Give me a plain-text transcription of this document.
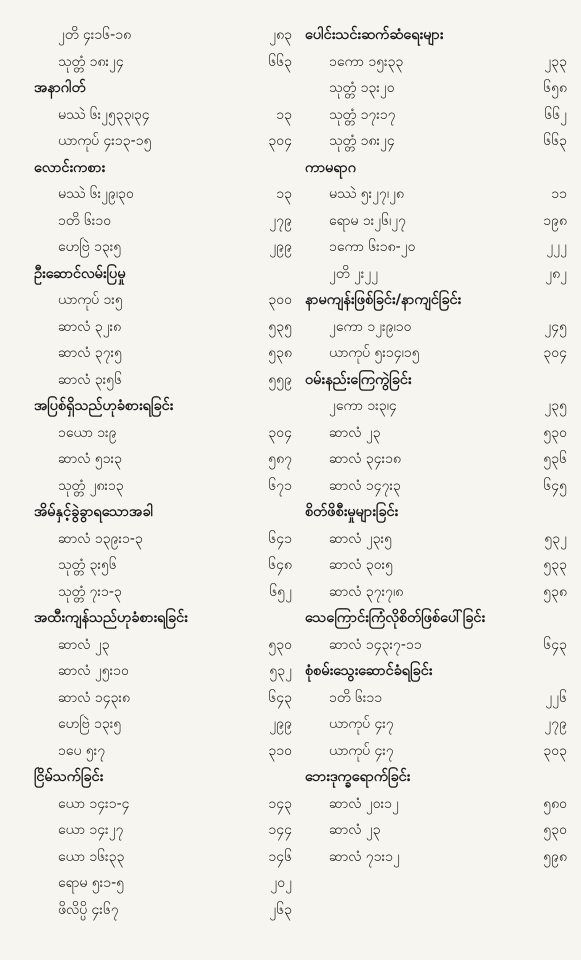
၂တိ ၄း၁၆-၁၈	၂၈၃
သုတ္တံ ၁၈း၂၄	၆၆၃
အနာဂါတ်
မဿဲ ၆း၂၅၃၃၊၃၄	၁၃
ယာကုပ် ၄း၁၃-၁၅	၃၀၄
လောင်းကစား
မဿဲ ၆း၂၉၊၃၀	၁၃
၁တိ ၆း၁၀	၂၇၉
ဟေဗြဲ ၁၃း၅	၂၉၉
ဦးဆောင်လမ်းပြမှု
ယာကုပ် ၁း၅	၃၀၀
ဆာလံ ၃၂း၈	၅၃၅
ဆာလံ ၃၇း၅	၅၃၈
ဆာလံ ၃း၅၆	၅၅၉
အပြစ်ရှိသည်ဟုခံစားရခြင်း
၁ယော ၁း၉	၃၀၄
ဆာလံ ၅၁း၃	၅၈၇
သုတ္တံ ၂၈း၁၃	၆၇၁
အိမ်နှင့်ခွဲခွာရသောအခါ
ဆာလံ ၁၃၉း၁-၃	၆၄၁
သုတ္တံ ၃း၅၆	၆၄၈
သုတ္တံ ၇း၁-၃	၆၅၂
အထီးကျန်သည်ဟုခံစားရခြင်း
ဆာလံ ၂၃	၅၃၀
ဆာလံ ၂၅း၁၀	၅၃၂
ဆာလံ ၁၄၃း၈	၆၄၃
ဟေဗြဲ ၁၃း၅	၂၉၉
၁ပေ ၅း၇	၃၁၀
ငြိမ်သက်ခြင်း
ယော ၁၄း၁-၄	၁၄၃
ယော ၁၄း၂၇	၁၄၄
ယော ၁၆း၃၃	၁၄၆
ရောမ ၅း၁-၅	၂၀၂
ဖိလိပ္ပိ ၄း၆၇	၂၆၃
ပေါင်းသင်းဆက်ဆံရေးများ
၁ကော ၁၅း၃၃	၂၃၃
သုတ္တံ ၁၃း၂၀	၆၅၈
သုတ္တံ ၁၇း၁၇	၆၆၂
သုတ္တံ ၁၈း၂၄	၆၆၃
ကာမရာဂ
မဿဲ ၅း၂၇၊၂၈	၁၁
ရောမ ၁း၂၆၊၂၇	၁၉၈
၁ကော ၆း၁၈-၂၀	၂၂၂
၂တိ ၂း၂၂	၂၈၂
နာမကျန်းဖြစ်ခြင်း/နာကျင်ခြင်း
၂ကော ၁၂း၉၊၁၀	၂၄၅
ယာကုပ် ၅း၁၄၊၁၅	၃၀၄
ဝမ်းနည်းကြေကွဲခြင်း
၂ကော ၁း၃၊၄	၂၃၅
ဆာလံ ၂၃	၅၃၀
ဆာလံ ၃၄း၁၈	၅၃၆
ဆာလံ ၁၄၇း၃	၆၄၅
စိတ်ဖိစီးမှုများခြင်း
ဆာလံ ၂၃း၅	၅၃၂
ဆာလံ ၃၀း၅	၅၃၃
ဆာလံ ၃၇း၇၊၈	၅၃၈
သေကြောင်းကြံလိုစိတ်ဖြစ်ပေါ်ခြင်း
ဆာလံ ၁၄၃း၇-၁၁	၆၄၃
စုံစမ်းသွေးဆောင်ခံရခြင်း
၁တိ ၆း၁၁	၂၂၆
ယာကုပ် ၄း၇	၂၇၉
ယာကုပ် ၄း၇	၃၀၃
ဘေးဒုက္ခရောက်ခြင်း
ဆာလံ ၂၀း၁၂	၅၈၀
ဆာလံ ၂၃	၅၃၀
ဆာလံ ၇၁း၁၂	၅၉၈
